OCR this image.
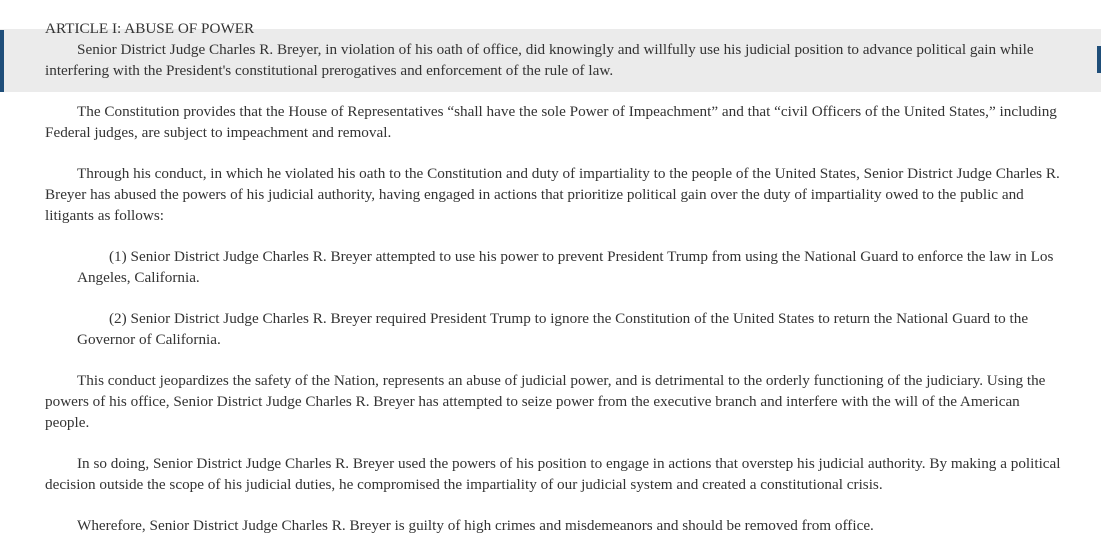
ARTICLE I: ABUSE OF POWER

Senior District Judge Charles R. Breyer, in violation of his oath of office, did knowingly and willfully use his judicial position to advance political gain while interfering with the President's constitutional prerogatives and enforcement of the rule of law.

The Constitution provides that the House of Representatives “shall have the sole Power of Impeachment” and that “civil Officers of the United States,” including Federal judges, are subject to impeachment and removal.

Through his conduct, in which he violated his oath to the Constitution and duty of impartiality to the people of the United States, Senior District Judge Charles R. Breyer has abused the powers of his judicial authority, having engaged in actions that prioritize political gain over the duty of impartiality owed to the public and litigants as follows:

(1) Senior District Judge Charles R. Breyer attempted to use his power to prevent President Trump from using the National Guard to enforce the law in Los Angeles, California.

(2) Senior District Judge Charles R. Breyer required President Trump to ignore the Constitution of the United States to return the National Guard to the Governor of California.

This conduct jeopardizes the safety of the Nation, represents an abuse of judicial power, and is detrimental to the orderly functioning of the judiciary. Using the powers of his office, Senior District Judge Charles R. Breyer has attempted to seize power from the executive branch and interfere with the will of the American people.

In so doing, Senior District Judge Charles R. Breyer used the powers of his position to engage in actions that overstep his judicial authority. By making a political decision outside the scope of his judicial duties, he compromised the impartiality of our judicial system and created a constitutional crisis.

Wherefore, Senior District Judge Charles R. Breyer is guilty of high crimes and misdemeanors and should be removed from office.
